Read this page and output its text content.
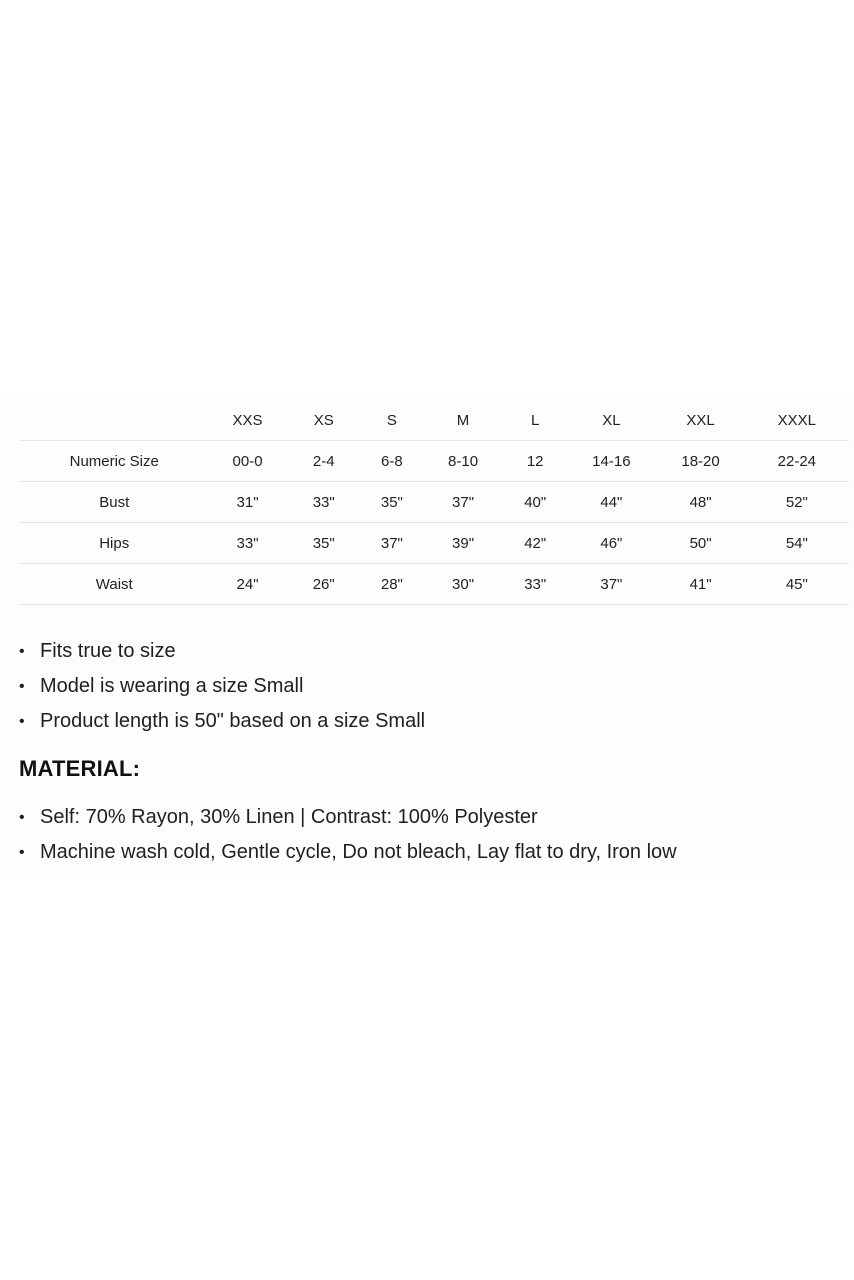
	XXS	XS	S	M	L	XL	XXL	XXXL
Numeric Size	00-0	2-4	6-8	8-10	12	14-16	18-20	22-24
Bust	31"	33"	35"	37"	40"	44"	48"	52"
Hips	33"	35"	37"	39"	42"	46"	50"	54"
Waist	24"	26"	28"	30"	33"	37"	41"	45"
• Fits true to size
• Model is wearing a size Small
• Product length is 50" based on a size Small
MATERIAL:
• Self: 70% Rayon, 30% Linen | Contrast: 100% Polyester
• Machine wash cold, Gentle cycle, Do not bleach, Lay flat to dry, Iron low
